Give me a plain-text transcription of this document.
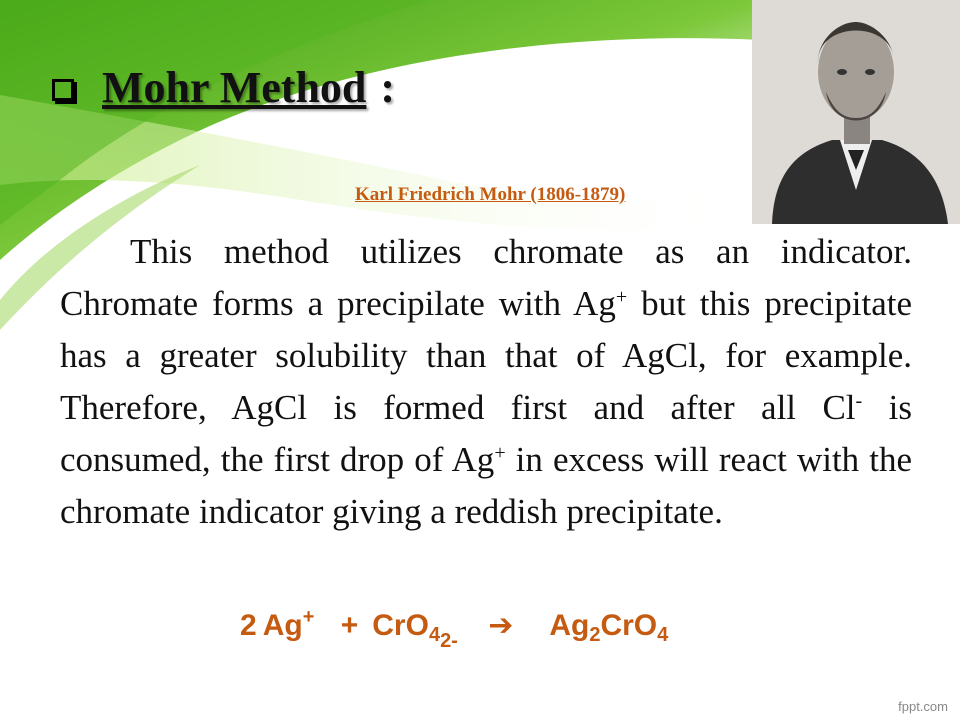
Mohr Method :
Karl Friedrich Mohr (1806-1879)

This method utilizes chromate as an indicator. Chromate forms a precipilate with Ag+ but this precipitate has a greater solubility than that of AgCl, for example. Therefore, AgCl is formed first and after all Cl- is consumed, the first drop of Ag+ in excess will react with the chromate indicator giving a reddish precipitate.

2 Ag+ + CrO$_{42-}$ ➔ $Ag_2CrO_4$
fppt.com
